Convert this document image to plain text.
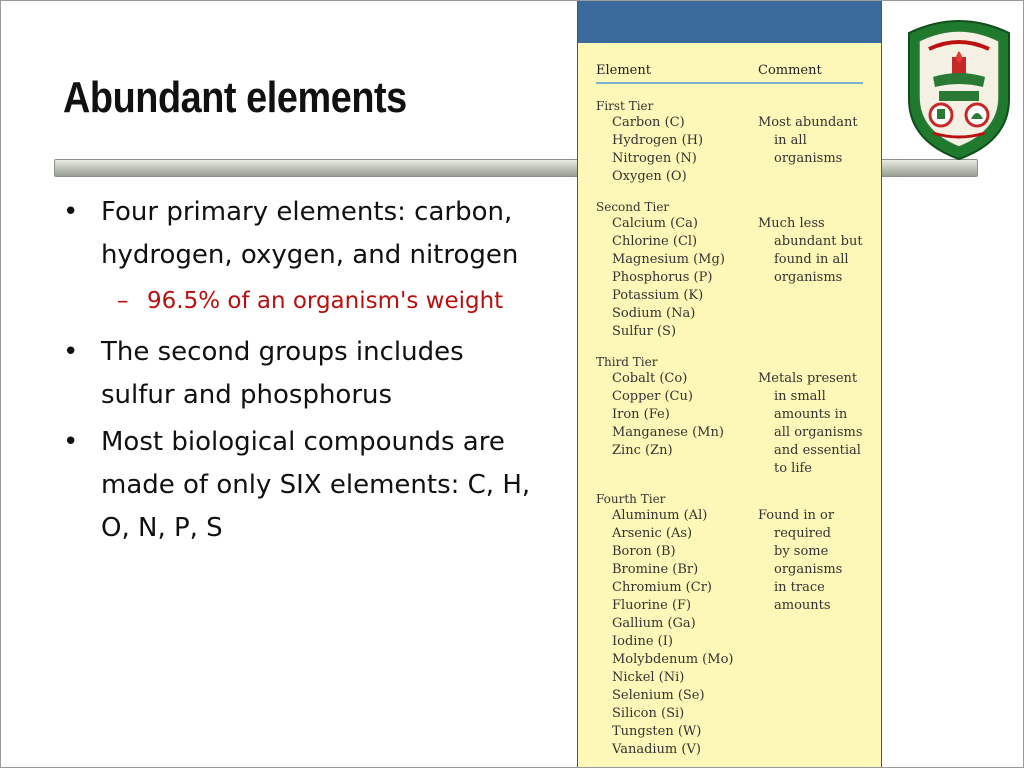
Abundant elements
• Four primary elements: carbon, hydrogen, oxygen, and nitrogen
– 96.5% of an organism's weight
• The second groups includes sulfur and phosphorus
• Most biological compounds are made of only SIX elements: C, H, O, N, P, S
Element	Comment
First Tier
Carbon (C)
Hydrogen (H)
Nitrogen (N)
Oxygen (O)
Most abundant
in all
organisms
Second Tier
Calcium (Ca)
Chlorine (Cl)
Magnesium (Mg)
Phosphorus (P)
Potassium (K)
Sodium (Na)
Sulfur (S)
Much less
abundant but
found in all
organisms
Third Tier
Cobalt (Co)
Copper (Cu)
Iron (Fe)
Manganese (Mn)
Zinc (Zn)
Metals present
in small
amounts in
all organisms
and essential
to life
Fourth Tier
Aluminum (Al)
Arsenic (As)
Boron (B)
Bromine (Br)
Chromium (Cr)
Fluorine (F)
Gallium (Ga)
Iodine (I)
Molybdenum (Mo)
Nickel (Ni)
Selenium (Se)
Silicon (Si)
Tungsten (W)
Vanadium (V)
Found in or
required
by some
organisms
in trace
amounts
